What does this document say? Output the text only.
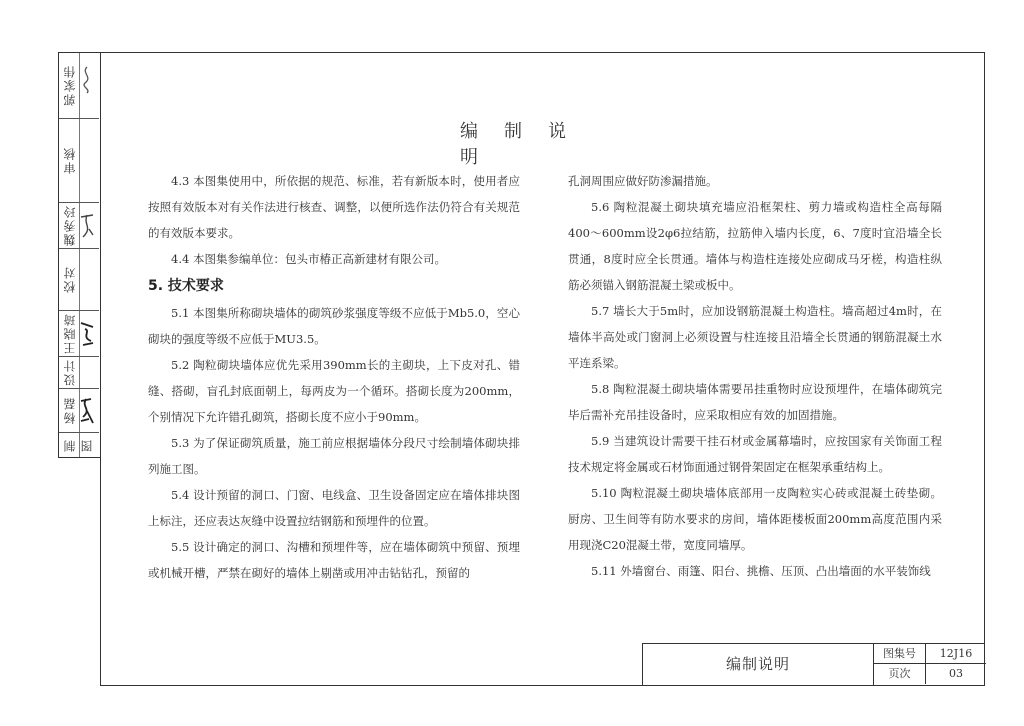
郭家伟
审核
魏秀玲
校对
王晓琦
设计
杨磊
制图
编制说明

4.3 本图集使用中，所依据的规范、标准，若有新版本时，使用者应按照有效版本对有关作法进行核查、调整，以便所选作法仍符合有关规范的有效版本要求。

4.4 本图集参编单位：包头市椿正高新建材有限公司。

5. 技术要求

5.1 本图集所称砌块墙体的砌筑砂浆强度等级不应低于Mb5.0，空心砌块的强度等级不应低于MU3.5。

5.2 陶粒砌块墙体应优先采用390mm长的主砌块，上下皮对孔、错缝、搭砌，盲孔封底面朝上，每两皮为一个循环。搭砌长度为200mm，个别情况下允许错孔砌筑，搭砌长度不应小于90mm。

5.3 为了保证砌筑质量，施工前应根据墙体分段尺寸绘制墙体砌块排列施工图。

5.4 设计预留的洞口、门窗、电线盒、卫生设备固定应在墙体排块图上标注，还应表达灰缝中设置拉结钢筋和预埋件的位置。

5.5 设计确定的洞口、沟槽和预埋件等，应在墙体砌筑中预留、预埋或机械开槽，严禁在砌好的墙体上剔凿或用冲击钻钻孔，预留的

孔洞周围应做好防渗漏措施。

5.6 陶粒混凝土砌块填充墙应沿框架柱、剪力墙或构造柱全高每隔400～600mm设2φ6拉结筋，拉筋伸入墙内长度，6、7度时宜沿墙全长贯通，8度时应全长贯通。墙体与构造柱连接处应砌成马牙槎，构造柱纵筋必须锚入钢筋混凝土梁或板中。

5.7 墙长大于5m时，应加设钢筋混凝土构造柱。墙高超过4m时，在墙体半高处或门窗洞上必须设置与柱连接且沿墙全长贯通的钢筋混凝土水平连系梁。

5.8 陶粒混凝土砌块墙体需要吊挂重物时应设预埋件，在墙体砌筑完毕后需补充吊挂设备时，应采取相应有效的加固措施。

5.9 当建筑设计需要干挂石材或金属幕墙时，应按国家有关饰面工程技术规定将金属或石材饰面通过钢骨架固定在框架承重结构上。

5.10 陶粒混凝土砌块墙体底部用一皮陶粒实心砖或混凝土砖垫砌。厨房、卫生间等有防水要求的房间，墙体距楼板面200mm高度范围内采用现浇C20混凝土带，宽度同墙厚。

5.11 外墙窗台、雨篷、阳台、挑檐、压顶、凸出墙面的水平装饰线

编制说明
图集号	12J16
页次	03
